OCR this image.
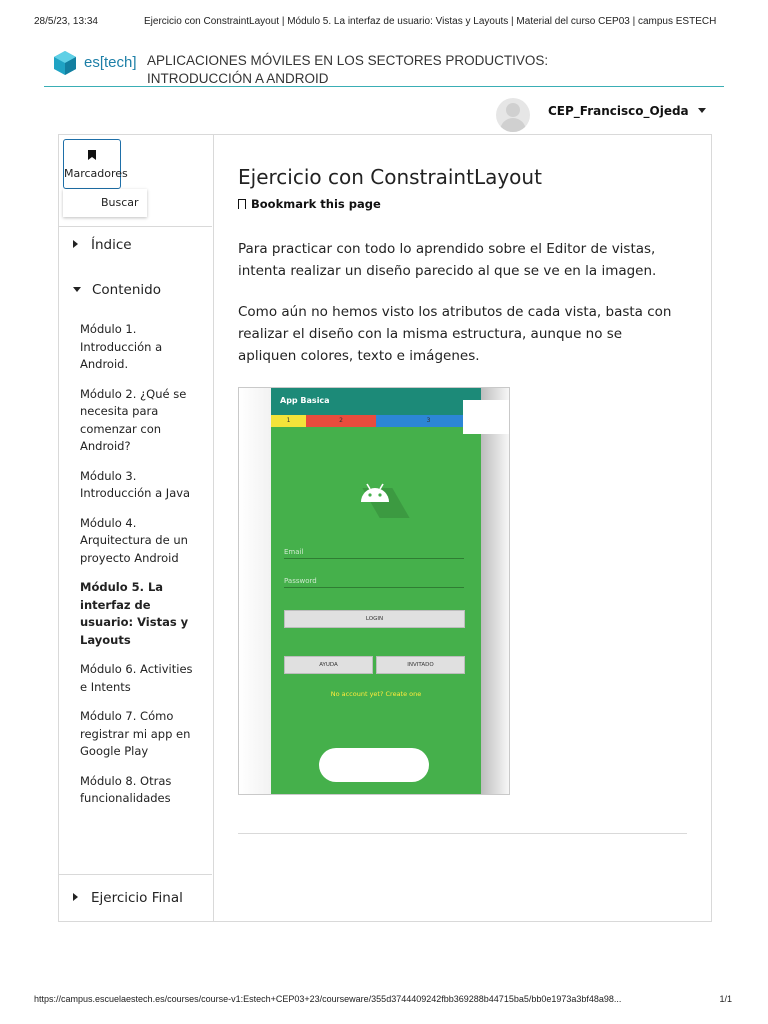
28/5/23, 13:34	Ejercicio con ConstraintLayout | Módulo 5. La interfaz de usuario: Vistas y Layouts | Material del curso CEP03 | campus ESTECH
es[tech] APLICACIONES MÓVILES EN LOS SECTORES PRODUCTIVOS: INTRODUCCIÓN A ANDROID
CEP_Francisco_Ojeda
Marcadores
Buscar
Índice
Contenido
Módulo 1. Introducción a Android.
Módulo 2. ¿Qué se necesita para comenzar con Android?
Módulo 3. Introducción a Java
Módulo 4. Arquitectura de un proyecto Android
Módulo 5. La interfaz de usuario: Vistas y Layouts
Módulo 6. Activities e Intents
Módulo 7. Cómo registrar mi app en Google Play
Módulo 8. Otras funcionalidades
Ejercicio Final
Ejercicio con ConstraintLayout
Bookmark this page
Para practicar con todo lo aprendido sobre el Editor de vistas, intenta realizar un diseño parecido al que se ve en la imagen.
Como aún no hemos visto los atributos de cada vista, basta con realizar el diseño con la misma estructura, aunque no se apliquen colores, texto e imágenes.
App Basica
1	2	3
Email
Password
LOGIN
AYUDA	INVITADO
No account yet? Create one
https://campus.escuelaestech.es/courses/course-v1:Estech+CEP03+23/courseware/355d3744409242fbb369288b44715ba5/bb0e1973a3bf48a98...	1/1
